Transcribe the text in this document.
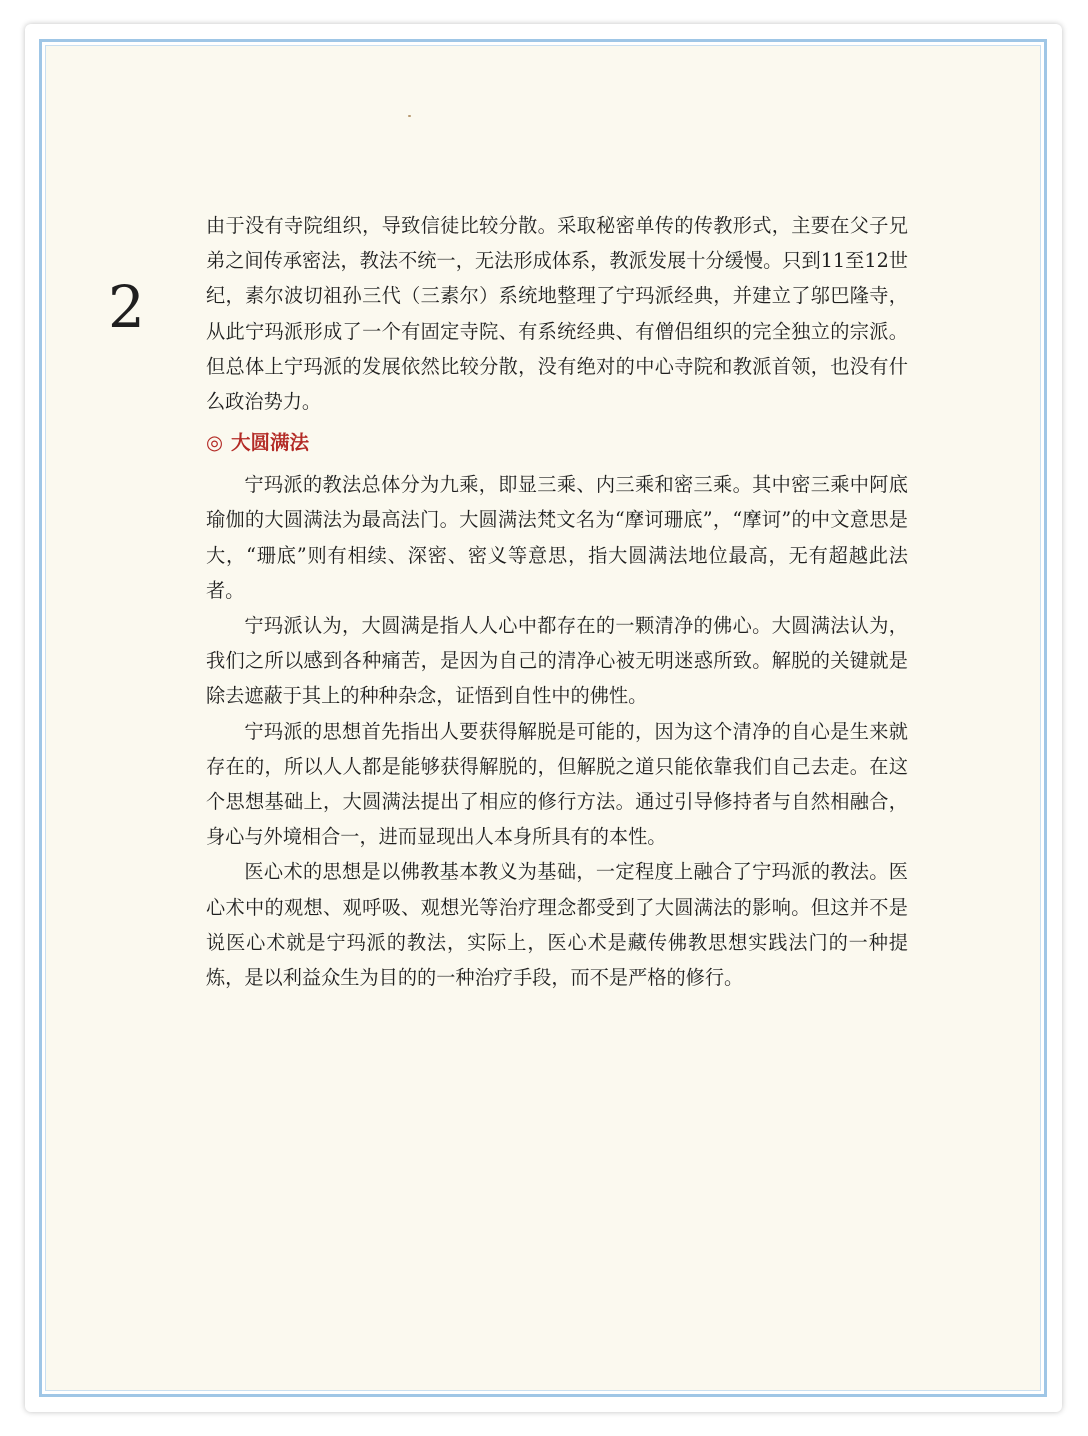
2

由于没有寺院组织，导致信徒比较分散。采取秘密单传的传教形式，主要在父子兄弟之间传承密法，教法不统一，无法形成体系，教派发展十分缓慢。只到11至12世纪，素尔波切祖孙三代（三素尔）系统地整理了宁玛派经典，并建立了邬巴隆寺，从此宁玛派形成了一个有固定寺院、有系统经典、有僧侣组织的完全独立的宗派。但总体上宁玛派的发展依然比较分散，没有绝对的中心寺院和教派首领，也没有什么政治势力。

◎ 大圆满法

宁玛派的教法总体分为九乘，即显三乘、内三乘和密三乘。其中密三乘中阿底瑜伽的大圆满法为最高法门。大圆满法梵文名为“摩诃珊底”，“摩诃”的中文意思是大，“珊底”则有相续、深密、密义等意思，指大圆满法地位最高，无有超越此法者。

宁玛派认为，大圆满是指人人心中都存在的一颗清净的佛心。大圆满法认为，我们之所以感到各种痛苦，是因为自己的清净心被无明迷惑所致。解脱的关键就是除去遮蔽于其上的种种杂念，证悟到自性中的佛性。

宁玛派的思想首先指出人要获得解脱是可能的，因为这个清净的自心是生来就存在的，所以人人都是能够获得解脱的，但解脱之道只能依靠我们自己去走。在这个思想基础上，大圆满法提出了相应的修行方法。通过引导修持者与自然相融合，身心与外境相合一，进而显现出人本身所具有的本性。

医心术的思想是以佛教基本教义为基础，一定程度上融合了宁玛派的教法。医心术中的观想、观呼吸、观想光等治疗理念都受到了大圆满法的影响。但这并不是说医心术就是宁玛派的教法，实际上，医心术是藏传佛教思想实践法门的一种提炼，是以利益众生为目的的一种治疗手段，而不是严格的修行。
